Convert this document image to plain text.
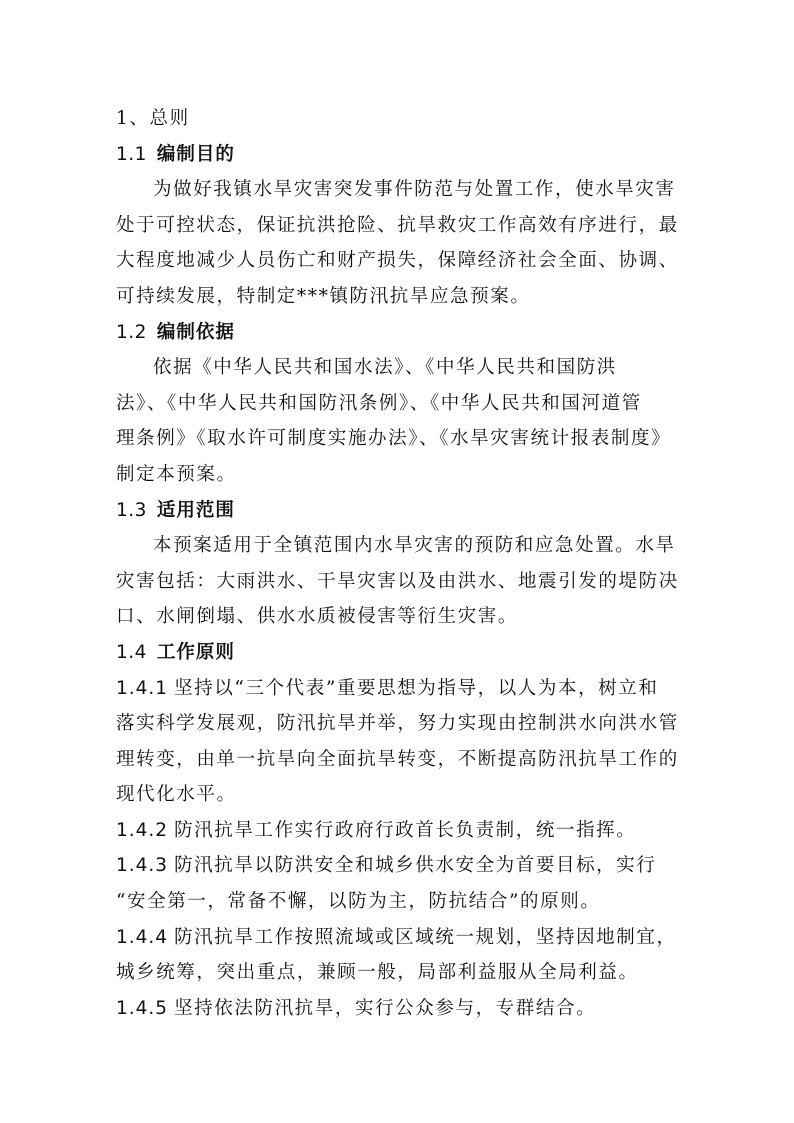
1、总则
1.1 编制目的
为做好我镇水旱灾害突发事件防范与处置工作，使水旱灾害
处于可控状态，保证抗洪抢险、抗旱救灾工作高效有序进行，最
大程度地减少人员伤亡和财产损失，保障经济社会全面、协调、
可持续发展，特制定***镇防汛抗旱应急预案。
1.2 编制依据
依据《中华人民共和国水法》、《中华人民共和国防洪
法》、《中华人民共和国防汛条例》、《中华人民共和国河道管
理条例》《取水许可制度实施办法》、《水旱灾害统计报表制度》
制定本预案。
1.3 适用范围
本预案适用于全镇范围内水旱灾害的预防和应急处置。水旱
灾害包括：大雨洪水、干旱灾害以及由洪水、地震引发的堤防决
口、水闸倒塌、供水水质被侵害等衍生灾害。
1.4 工作原则
1.4.1 坚持以“三个代表”重要思想为指导，以人为本，树立和
落实科学发展观，防汛抗旱并举，努力实现由控制洪水向洪水管
理转变，由单一抗旱向全面抗旱转变，不断提高防汛抗旱工作的
现代化水平。
1.4.2 防汛抗旱工作实行政府行政首长负责制，统一指挥。
1.4.3 防汛抗旱以防洪安全和城乡供水安全为首要目标，实行
“安全第一，常备不懈，以防为主，防抗结合”的原则。
1.4.4 防汛抗旱工作按照流域或区域统一规划，坚持因地制宜，
城乡统筹，突出重点，兼顾一般，局部利益服从全局利益。
1.4.5 坚持依法防汛抗旱，实行公众参与，专群结合。
